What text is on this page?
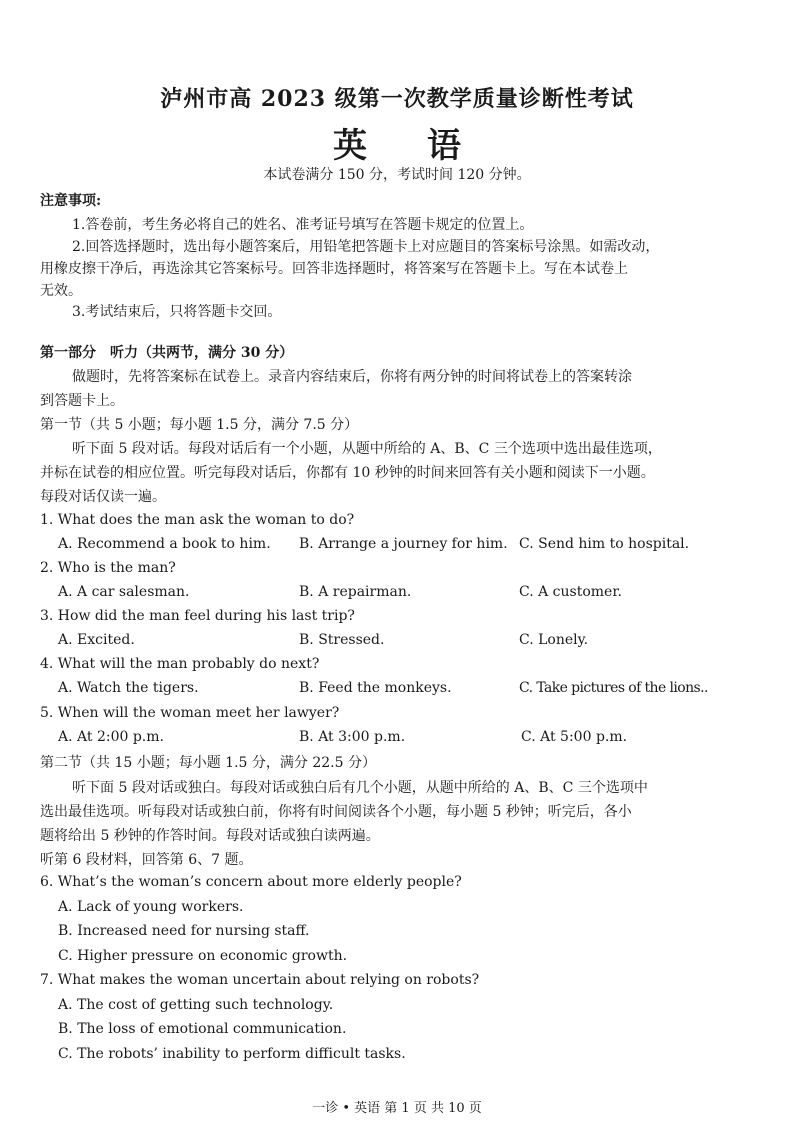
泸州市高 2023 级第一次教学质量诊断性考试
英语
本试卷满分 150 分，考试时间 120 分钟。
注意事项:
1.答卷前，考生务必将自己的姓名、准考证号填写在答题卡规定的位置上。
2.回答选择题时，选出每小题答案后，用铅笔把答题卡上对应题目的答案标号涂黑。如需改动，
用橡皮擦干净后，再选涂其它答案标号。回答非选择题时，将答案写在答题卡上。写在本试卷上
无效。
3.考试结束后，只将答题卡交回。
第一部分　听力（共两节，满分 30 分）
做题时，先将答案标在试卷上。录音内容结束后，你将有两分钟的时间将试卷上的答案转涂
到答题卡上。
第一节（共 5 小题；每小题 1.5 分，满分 7.5 分）
听下面 5 段对话。每段对话后有一个小题，从题中所给的 A、B、C 三个选项中选出最佳选项，
并标在试卷的相应位置。听完每段对话后，你都有 10 秒钟的时间来回答有关小题和阅读下一小题。
每段对话仅读一遍。
1. What does the man ask the woman to do?
A. Recommend a book to him. B. Arrange a journey for him. C. Send him to hospital.
2. Who is the man?
A. A car salesman.	B. A repairman.	C. A customer.
3. How did the man feel during his last trip?
A. Excited.	B. Stressed.	C. Lonely.
4. What will the man probably do next?
A. Watch the tigers.	B. Feed the monkeys.	C. Take pictures of the lions..
5. When will the woman meet her lawyer?
A. At 2:00 p.m.	B. At 3:00 p.m.	C. At 5:00 p.m.
第二节（共 15 小题；每小题 1.5 分，满分 22.5 分）
听下面 5 段对话或独白。每段对话或独白后有几个小题，从题中所给的 A、B、C 三个选项中
选出最佳选项。听每段对话或独白前，你将有时间阅读各个小题，每小题 5 秒钟；听完后，各小
题将给出 5 秒钟的作答时间。每段对话或独白读两遍。
听第 6 段材料，回答第 6、7 题。
6. What’s the woman’s concern about more elderly people?
A. Lack of young workers.
B. Increased need for nursing staff.
C. Higher pressure on economic growth.
7. What makes the woman uncertain about relying on robots?
A. The cost of getting such technology.
B. The loss of emotional communication.
C. The robots’ inability to perform difficult tasks.
一诊 • 英语 第 1 页 共 10 页
